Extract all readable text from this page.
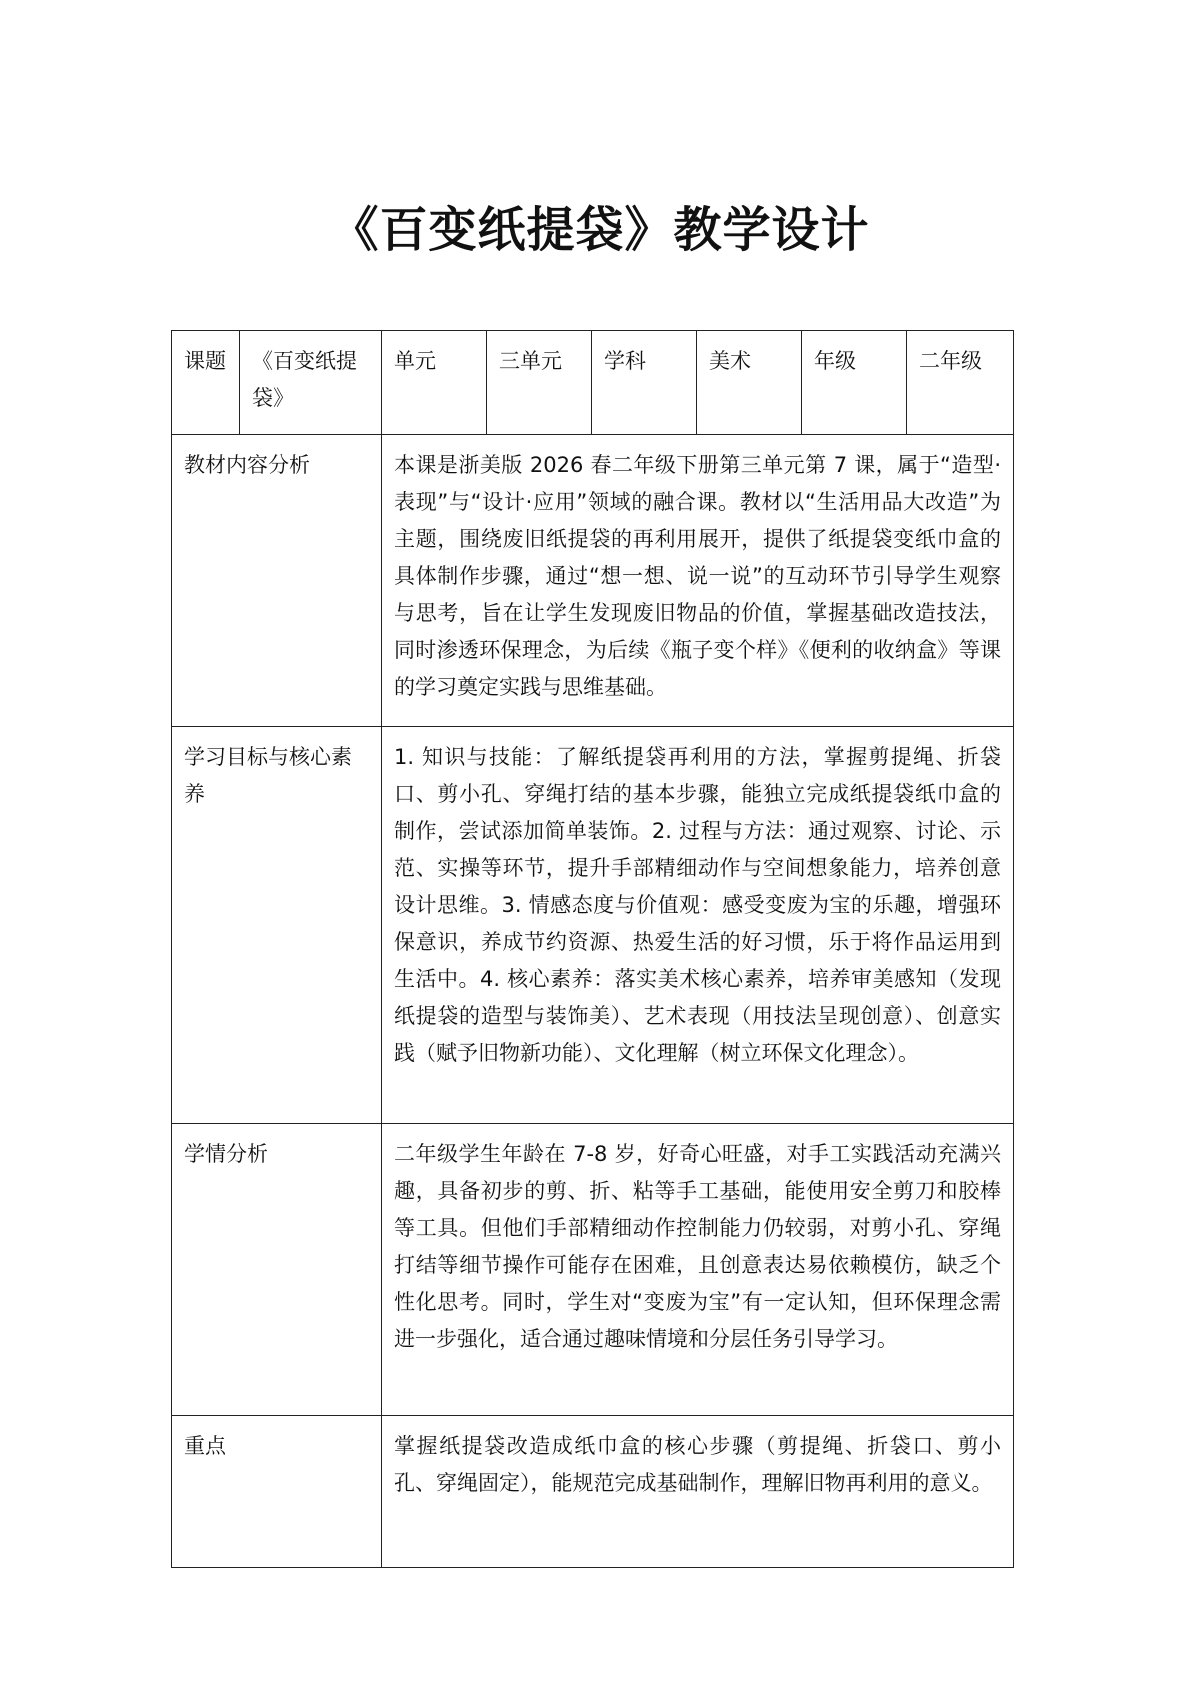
《百变纸提袋》教学设计
课题	《百变纸提袋》	单元	三单元	学科	美术	年级	二年级
教材内容分析		本课是浙美版 2026 春二年级下册第三单元第 7 课，属于“造型·表现”与“设计·应用”领域的融合课。教材以“生活用品大改造”为主题，围绕废旧纸提袋的再利用展开，提供了纸提袋变纸巾盒的具体制作步骤，通过“想一想、说一说”的互动环节引导学生观察与思考，旨在让学生发现废旧物品的价值，掌握基础改造技法，同时渗透环保理念，为后续《瓶子变个样》《便利的收纳盒》等课的学习奠定实践与思维基础。					
学习目标与核心素养		1. 知识与技能：了解纸提袋再利用的方法，掌握剪提绳、折袋口、剪小孔、穿绳打结的基本步骤，能独立完成纸提袋纸巾盒的制作，尝试添加简单装饰。2. 过程与方法：通过观察、讨论、示范、实操等环节，提升手部精细动作与空间想象能力，培养创意设计思维。3. 情感态度与价值观：感受变废为宝的乐趣，增强环保意识，养成节约资源、热爱生活的好习惯，乐于将作品运用到生活中。4. 核心素养：落实美术核心素养，培养审美感知（发现纸提袋的造型与装饰美）、艺术表现（用技法呈现创意）、创意实践（赋予旧物新功能）、文化理解（树立环保文化理念）。					
学情分析		二年级学生年龄在 7-8 岁，好奇心旺盛，对手工实践活动充满兴趣，具备初步的剪、折、粘等手工基础，能使用安全剪刀和胶棒等工具。但他们手部精细动作控制能力仍较弱，对剪小孔、穿绳打结等细节操作可能存在困难，且创意表达易依赖模仿，缺乏个性化思考。同时，学生对“变废为宝”有一定认知，但环保理念需进一步强化，适合通过趣味情境和分层任务引导学习。					
重点		掌握纸提袋改造成纸巾盒的核心步骤（剪提绳、折袋口、剪小孔、穿绳固定），能规范完成基础制作，理解旧物再利用的意义。					
